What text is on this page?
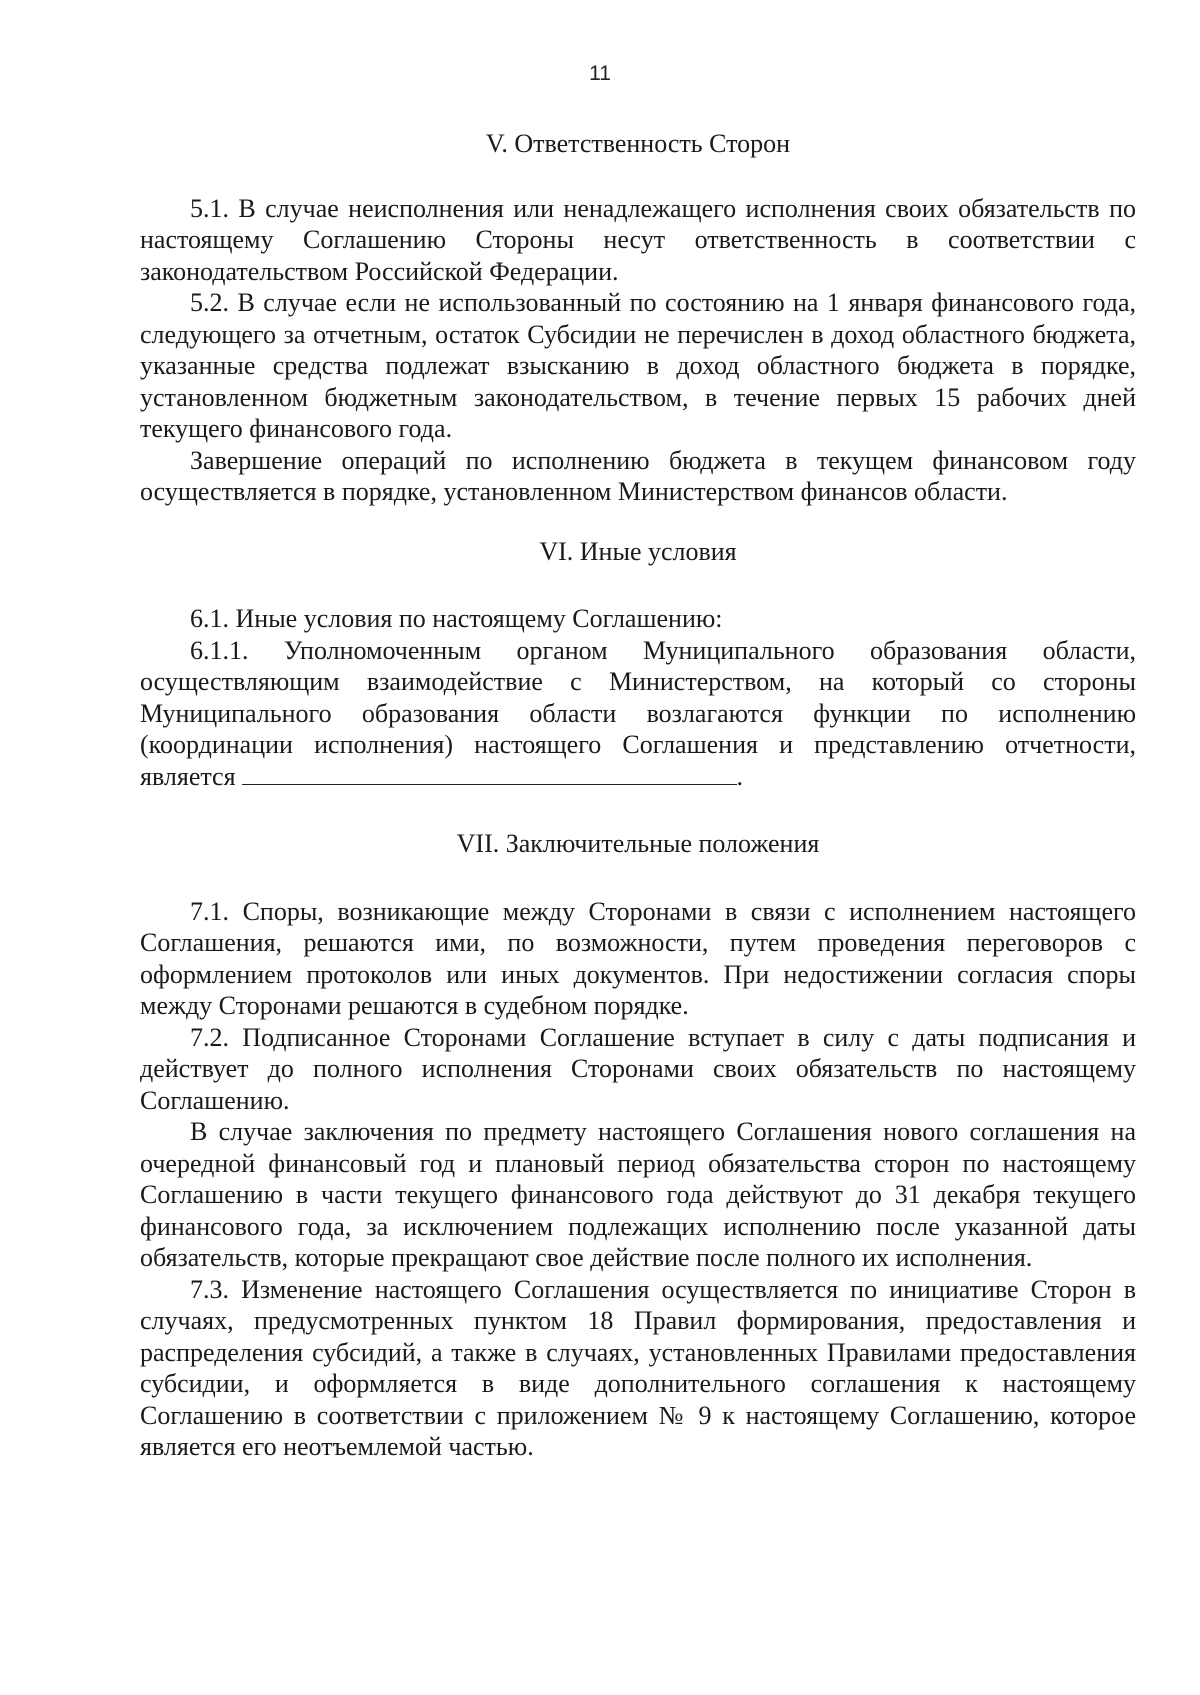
11
V. Ответственность Сторон

5.1. В случае неисполнения или ненадлежащего исполнения своих обязательств по настоящему Соглашению Стороны несут ответственность в соответствии с законодательством Российской Федерации.

5.2. В случае если не использованный по состоянию на 1 января финансового года, следующего за отчетным, остаток Субсидии не перечислен в доход областного бюджета, указанные средства подлежат взысканию в доход областного бюджета в порядке, установленном бюджетным законодательством, в течение первых 15 рабочих дней текущего финансового года.

Завершение операций по исполнению бюджета в текущем финансовом году осуществляется в порядке, установленном Министерством финансов области.

VI. Иные условия

6.1. Иные условия по настоящему Соглашению:

6.1.1. Уполномоченным органом Муниципального образования области, осуществляющим взаимодействие с Министерством, на который со стороны Муниципального образования области возлагаются функции по исполнению (координации исполнения) настоящего Соглашения и представлению отчетности, является	.

VII. Заключительные положения

7.1. Споры, возникающие между Сторонами в связи с исполнением настоящего Соглашения, решаются ими, по возможности, путем проведения переговоров с оформлением протоколов или иных документов. При недостижении согласия споры между Сторонами решаются в судебном порядке.

7.2. Подписанное Сторонами Соглашение вступает в силу с даты подписания и действует до полного исполнения Сторонами своих обязательств по настоящему Соглашению.

В случае заключения по предмету настоящего Соглашения нового соглашения на очередной финансовый год и плановый период обязательства сторон по настоящему Соглашению в части текущего финансового года действуют до 31 декабря текущего финансового года, за исключением подлежащих исполнению после указанной даты обязательств, которые прекращают свое действие после полного их исполнения.

7.3. Изменение настоящего Соглашения осуществляется по инициативе Сторон в случаях, предусмотренных пунктом 18 Правил формирования, предоставления и распределения субсидий, а также в случаях, установленных Правилами предоставления субсидии, и оформляется в виде дополнительного соглашения к настоящему Соглашению в соответствии с приложением № 9 к настоящему Соглашению, которое является его неотъемлемой частью.
